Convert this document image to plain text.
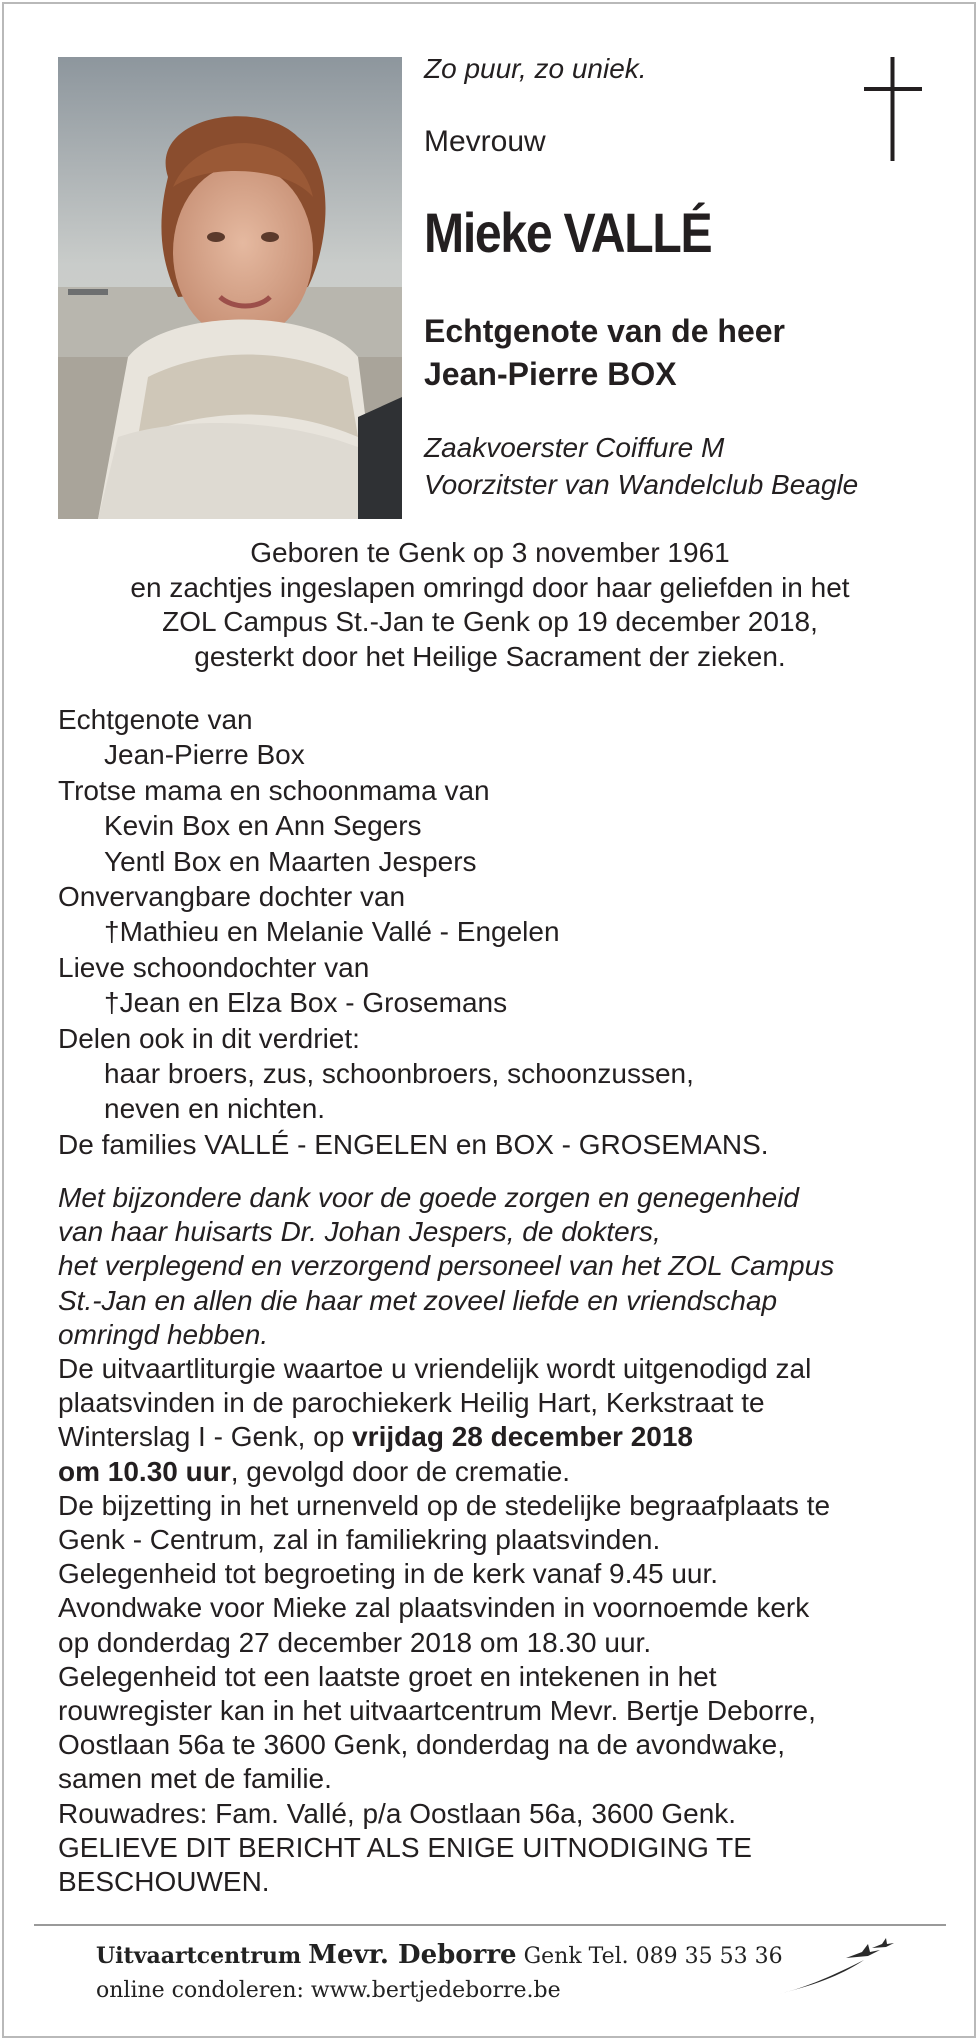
Zo puur, zo uniek.
Mevrouw
Mieke VALLÉ
Echtgenote van de heer
Jean-Pierre BOX
Zaakvoerster Coiffure M
Voorzitster van Wandelclub Beagle
Geboren te Genk op 3 november 1961
en zachtjes ingeslapen omringd door haar geliefden in het
ZOL Campus St.-Jan te Genk op 19 december 2018,
gesterkt door het Heilige Sacrament der zieken.
Echtgenote van
Jean-Pierre Box
Trotse mama en schoonmama van
Kevin Box en Ann Segers
Yentl Box en Maarten Jespers
Onvervangbare dochter van
†Mathieu en Melanie Vallé - Engelen
Lieve schoondochter van
†Jean en Elza Box - Grosemans
Delen ook in dit verdriet:
haar broers, zus, schoonbroers, schoonzussen,
neven en nichten.
De families VALLÉ - ENGELEN en BOX - GROSEMANS.
Met bijzondere dank voor de goede zorgen en genegenheid
van haar huisarts Dr. Johan Jespers, de dokters,
het verplegend en verzorgend personeel van het ZOL Campus
St.-Jan en allen die haar met zoveel liefde en vriendschap
omringd hebben.
De uitvaartliturgie waartoe u vriendelijk wordt uitgenodigd zal
plaatsvinden in de parochiekerk Heilig Hart, Kerkstraat te
Winterslag I - Genk, op vrijdag 28 december 2018
om 10.30 uur, gevolgd door de crematie.
De bijzetting in het urnenveld op de stedelijke begraafplaats te
Genk - Centrum, zal in familiekring plaatsvinden.
Gelegenheid tot begroeting in de kerk vanaf 9.45 uur.
Avondwake voor Mieke zal plaatsvinden in voornoemde kerk
op donderdag 27 december 2018 om 18.30 uur.
Gelegenheid tot een laatste groet en intekenen in het
rouwregister kan in het uitvaartcentrum Mevr. Bertje Deborre,
Oostlaan 56a te 3600 Genk, donderdag na de avondwake,
samen met de familie.
Rouwadres: Fam. Vallé, p/a Oostlaan 56a, 3600 Genk.
GELIEVE DIT BERICHT ALS ENIGE UITNODIGING TE
BESCHOUWEN.
Uitvaartcentrum Mevr. Deborre Genk Tel. 089 35 53 36
online condoleren: www.bertjedeborre.be
